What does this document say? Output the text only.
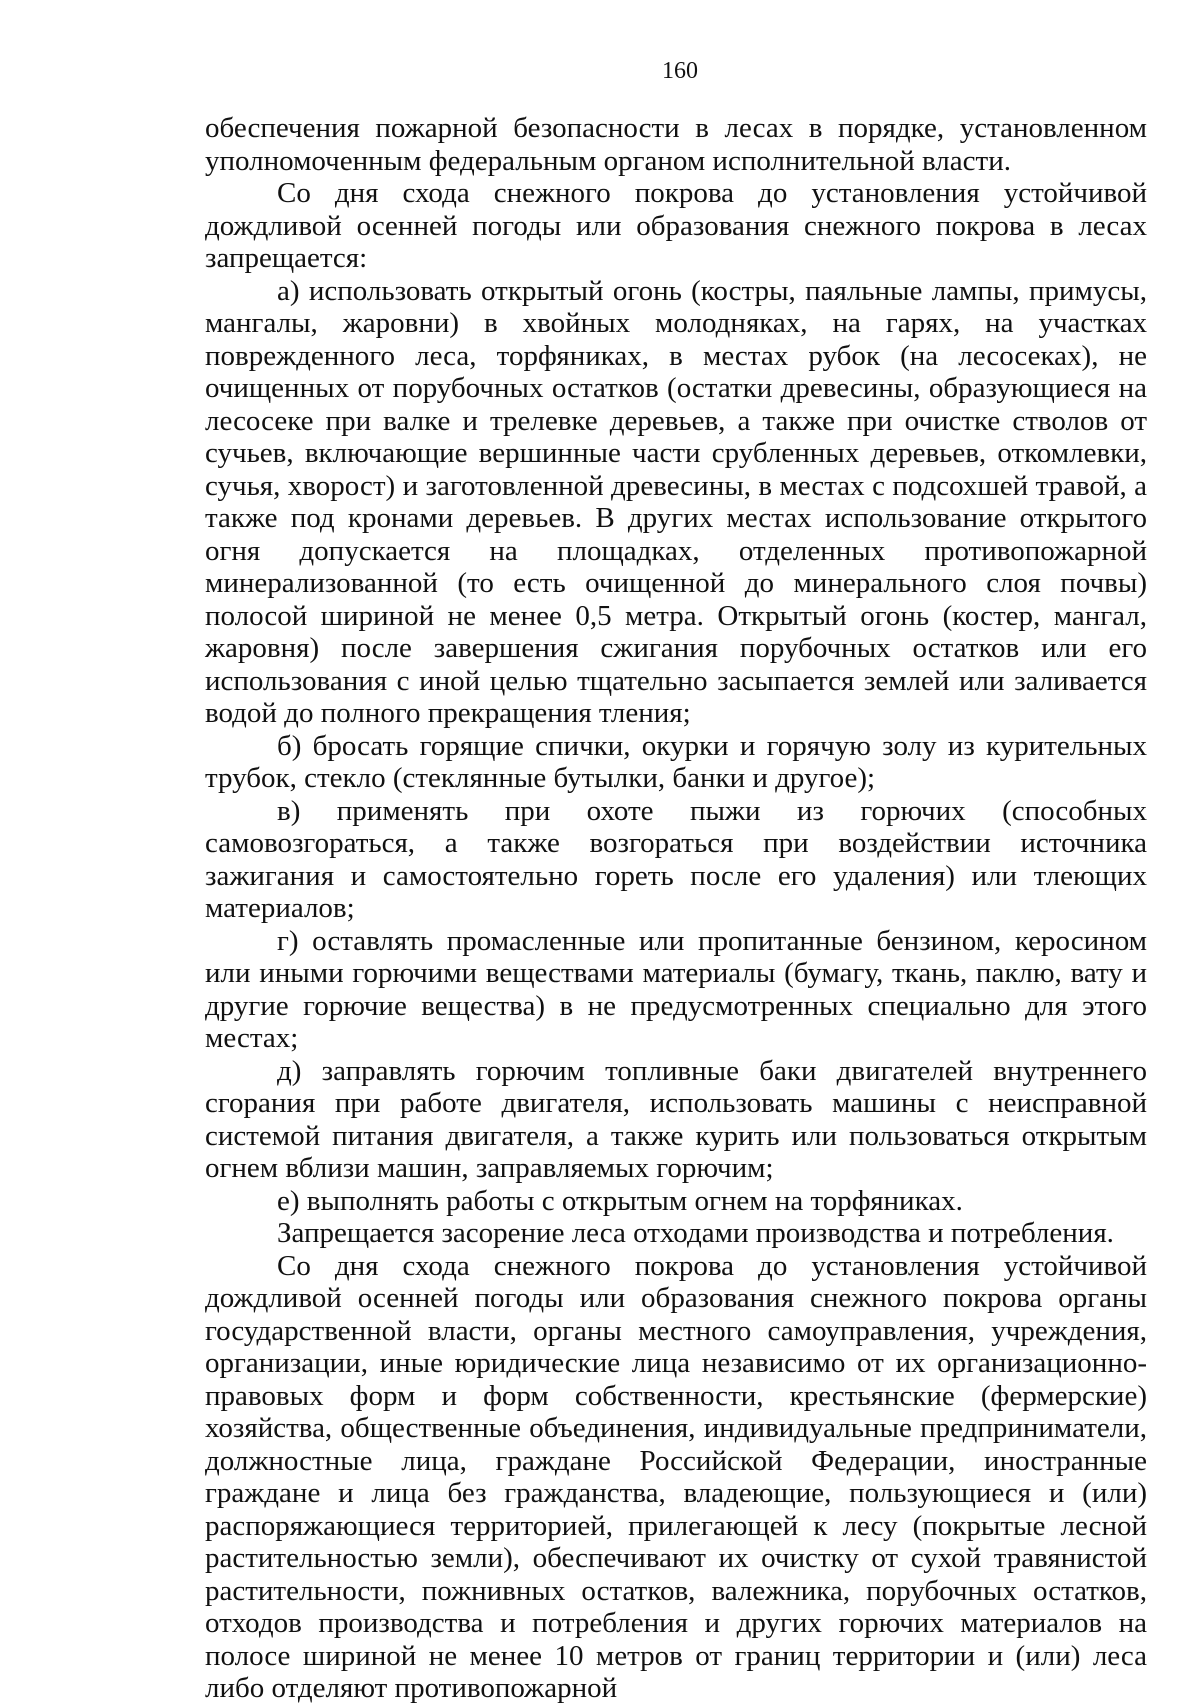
160

обеспечения пожарной безопасности в лесах в порядке, установленном уполномоченным федеральным органом исполнительной власти.

Со дня схода снежного покрова до установления устойчивой дождливой осенней погоды или образования снежного покрова в лесах запрещается:

а) использовать открытый огонь (костры, паяльные лампы, примусы, мангалы, жаровни) в хвойных молодняках, на гарях, на участках поврежденного леса, торфяниках, в местах рубок (на лесосеках), не очищенных от порубочных остатков (остатки древесины, образующиеся на лесосеке при валке и трелевке деревьев, а также при очистке стволов от сучьев, включающие вершинные части срубленных деревьев, откомлевки, сучья, хворост) и заготовленной древесины, в местах с подсохшей травой, а также под кронами деревьев. В других местах использование открытого огня допускается на площадках, отделенных противопожарной минерализованной (то есть очищенной до минерального слоя почвы) полосой шириной не менее 0,5 метра. Открытый огонь (костер, мангал, жаровня) после завершения сжигания порубочных остатков или его использования с иной целью тщательно засыпается землей или заливается водой до полного прекращения тления;

б) бросать горящие спички, окурки и горячую золу из курительных трубок, стекло (стеклянные бутылки, банки и другое);

в) применять при охоте пыжи из горючих (способных самовозгораться, а также возгораться при воздействии источника зажигания и самостоятельно гореть после его удаления) или тлеющих материалов;

г) оставлять промасленные или пропитанные бензином, керосином или иными горючими веществами материалы (бумагу, ткань, паклю, вату и другие горючие вещества) в не предусмотренных специально для этого местах;

д) заправлять горючим топливные баки двигателей внутреннего сгорания при работе двигателя, использовать машины с неисправной системой питания двигателя, а также курить или пользоваться открытым огнем вблизи машин, заправляемых горючим;

е) выполнять работы с открытым огнем на торфяниках.

Запрещается засорение леса отходами производства и потребления.

Со дня схода снежного покрова до установления устойчивой дождливой осенней погоды или образования снежного покрова органы государственной власти, органы местного самоуправления, учреждения, организации, иные юридические лица независимо от их организационно-правовых форм и форм собственности, крестьянские (фермерские) хозяйства, общественные объединения, индивидуальные предприниматели, должностные лица, граждане Российской Федерации, иностранные граждане и лица без гражданства, владеющие, пользующиеся и (или) распоряжающиеся территорией, прилегающей к лесу (покрытые лесной растительностью земли), обеспечивают их очистку от сухой травянистой растительности, пожнивных остатков, валежника, порубочных остатков, отходов производства и потребления и других горючих материалов на полосе шириной не менее 10 метров от границ территории и (или) леса либо отделяют противопожарной
